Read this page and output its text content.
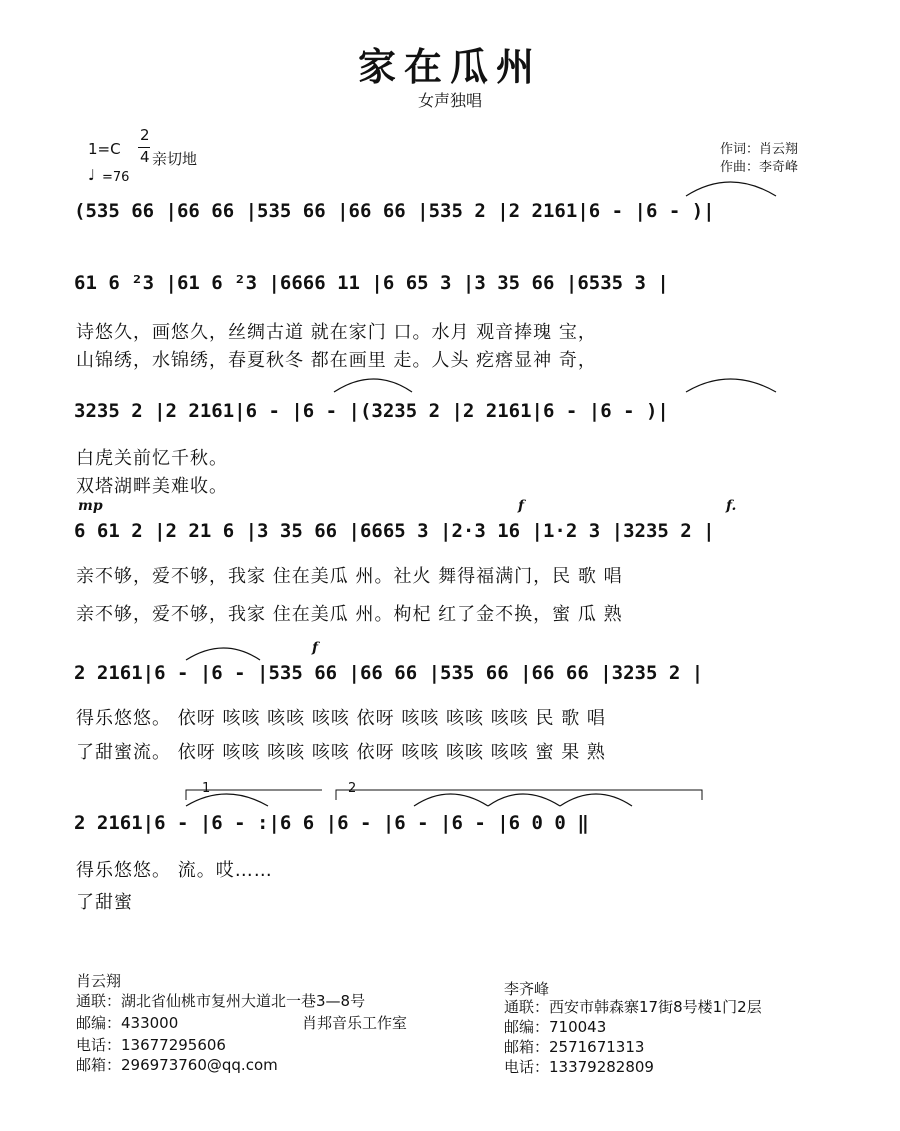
家在瓜州
女声独唱
1=C
2
4 亲切地
♩ =76
作词：肖云翔
作曲：李奇峰
(535 66 |66 66 |535 66 |66 66 |535 2 |2 2161|6 - |6 - )|
61 6 ²3 |61 6 ²3 |6666 11 |6 65 3 |3 35 66 |6535 3 |
诗悠久，画悠久，丝绸古道 就在家门 口。水月 观音捧瑰 宝，
山锦绣，水锦绣，春夏秋冬 都在画里 走。人头 疙瘩显神 奇，
3235 2 |2 2161|6 - |6 - |(3235 2 |2 2161|6 - |6 - )|
白虎关前忆千秋。
双塔湖畔美难收。
6 61 2 |2 21 6 |3 35 66 |6665 3 |2·3 16 |1·2 3 |3235 2 |
亲不够，爱不够，我家 住在美瓜 州。社火 舞得福满门，民 歌 唱
亲不够，爱不够，我家 住在美瓜 州。枸杞 红了金不换，蜜 瓜 熟
2 2161|6 - |6 - |535 66 |66 66 |535 66 |66 66 |3235 2 |
得乐悠悠。 依呀 咳咳 咳咳 咳咳 依呀 咳咳 咳咳 咳咳 民 歌 唱
了甜蜜流。 依呀 咳咳 咳咳 咳咳 依呀 咳咳 咳咳 咳咳 蜜 果 熟
2 2161|6 - |6 - :|6 6 |6 - |6 - |6 - |6 0 0 ‖
得乐悠悠。 流。哎……
了甜蜜
mp	f	f.
f
1	2
肖云翔
通联：湖北省仙桃市复州大道北一巷3—8号
邮编：433000	肖邦音乐工作室
电话：13677295606
邮箱：296973760@qq.com
李齐峰
通联：西安市韩森寨17街8号楼1门2层
邮编：710043
邮箱：2571671313
电话：13379282809
